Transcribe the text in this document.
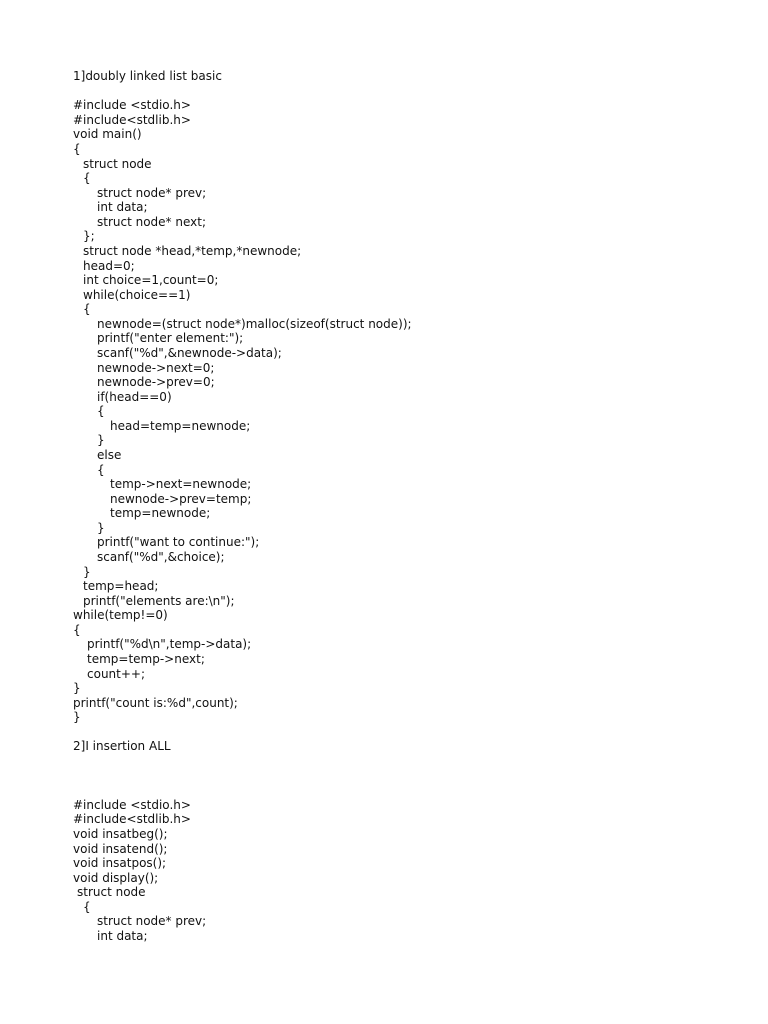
1]doubly linked list basic
#include <stdio.h>
#include<stdlib.h>
void main()
{
struct node
{
struct node* prev;
int data;
struct node* next;
};
struct node *head,*temp,*newnode;
head=0;
int choice=1,count=0;
while(choice==1)
{
newnode=(struct node*)malloc(sizeof(struct node));
printf("enter element:");
scanf("%d",&newnode->data);
newnode->next=0;
newnode->prev=0;
if(head==0)
{
head=temp=newnode;
}
else
{
temp->next=newnode;
newnode->prev=temp;
temp=newnode;
}
printf("want to continue:");
scanf("%d",&choice);
}
temp=head;
printf("elements are:\n");
while(temp!=0)
{
printf("%d\n",temp->data);
temp=temp->next;
count++;
}
printf("count is:%d",count);
}
2]I insertion ALL
#include <stdio.h>
#include<stdlib.h>
void insatbeg();
void insatend();
void insatpos();
void display();
struct node
{
struct node* prev;
int data;
